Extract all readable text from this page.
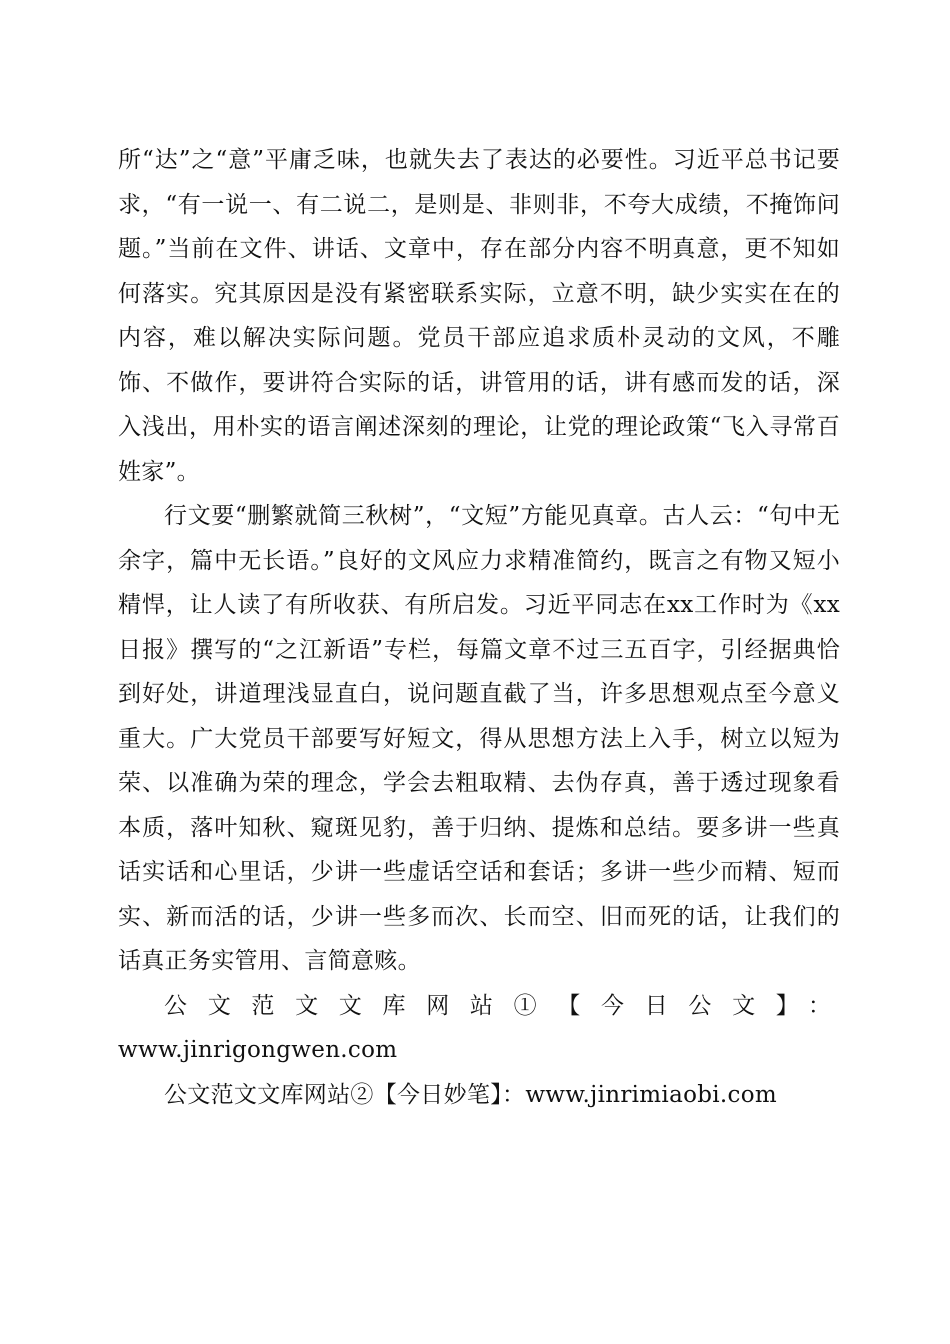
所“达”之“意”平庸乏味，也就失去了表达的必要性。习近平总书记要求，“有一说一、有二说二，是则是、非则非，不夸大成绩，不掩饰问题。”当前在文件、讲话、文章中，存在部分内容不明真意，更不知如何落实。究其原因是没有紧密联系实际，立意不明，缺少实实在在的内容，难以解决实际问题。党员干部应追求质朴灵动的文风，不雕饰、不做作，要讲符合实际的话，讲管用的话，讲有感而发的话，深入浅出，用朴实的语言阐述深刻的理论，让党的理论政策“飞入寻常百姓家”。

行文要“删繁就简三秋树”，“文短”方能见真章。古人云：“句中无余字，篇中无长语。”良好的文风应力求精准简约，既言之有物又短小精悍，让人读了有所收获、有所启发。习近平同志在xx工作时为《xx日报》撰写的“之江新语”专栏，每篇文章不过三五百字，引经据典恰到好处，讲道理浅显直白，说问题直截了当，许多思想观点至今意义重大。广大党员干部要写好短文，得从思想方法上入手，树立以短为荣、以准确为荣的理念，学会去粗取精、去伪存真，善于透过现象看本质，落叶知秋、窥斑见豹，善于归纳、提炼和总结。要多讲一些真话实话和心里话，少讲一些虚话空话和套话；多讲一些少而精、短而实、新而活的话，少讲一些多而次、长而空、旧而死的话，让我们的话真正务实管用、言简意赅。

公文范文文库网站①【今日公文】：

www.jinrigongwen.com

公文范文文库网站②【今日妙笔】：www.jinrimiaobi.com
